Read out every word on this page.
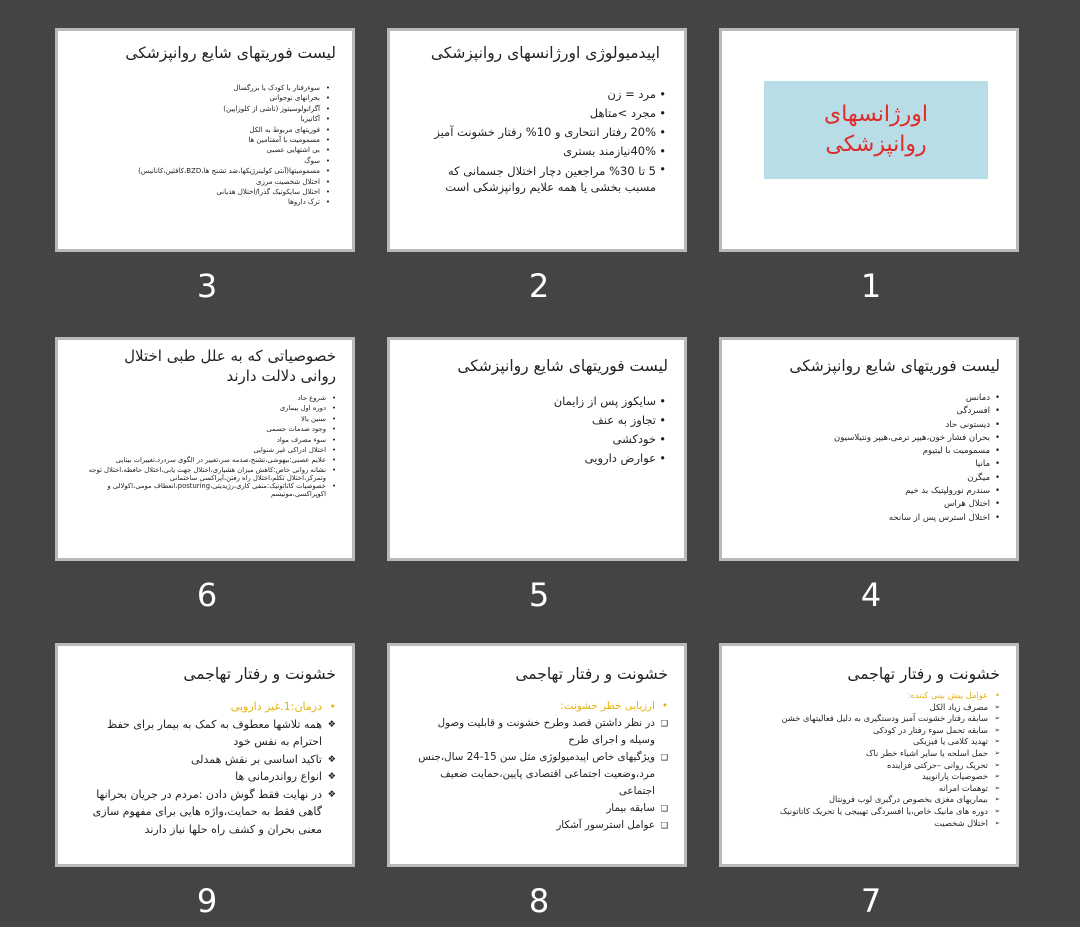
اورژانسهای روانپزشکی
1
اپیدمیولوژی اورژانسهای روانپزشکی
• مرد = زن
• مجرد >متاهل
• 20% رفتار انتحاری و 10% رفتار خشونت آمیز
• 40%نیازمند بستری
• 5 تا 30% مراجعین دچار اختلال جسمانی که مسبب بخشی یا همه علایم روانپزشکی است
2
لیست فوریتهای شایع روانپزشکی
• سوءرفتار با کودک یا بزرگسال
• بحرانهای نوجوانی
• آگرانولوسیتوز (ناشی از کلوزاپین)
• آکاتیزیا
• فوریتهای مربوط به الکل
• مسمومیت با آمفتامین ها
• بی اشتهایی عصبی
• سوگ
• مسمومیتها(آنتی کولینرژیکها،ضد تشنج ها،BZD،کافئین،کاتانیس)
• اختلال شخصیت مرزی
• اختلال سایکوتیک گذرا/اختلال هذیانی
• ترک داروها
3
لیست فوریتهای شایع روانپزشکی
• دمانس
• افسردگی
• دیستونی حاد
• بحران فشار خون،هیپر ترمی،هیپر ونتیلاسیون
• مسمومیت با لیتیوم
• مانیا
• میگرن
• سندرم نورولپتیک بد خیم
• اختلال هراس
• اختلال استرس پس از سانحه
4
لیست فوریتهای شایع روانپزشکی
• سایکوز پس از زایمان
• تجاوز به عنف
• خودکشی
• عوارض دارویی
5
خصوصیاتی که به علل طبی اختلال روانی دلالت دارند
• شروع حاد
• دوره اول بیماری
• سنین بالا
• وجود صدمات جسمی
• سوء مصرف مواد
• اختلال ادراکی غیر شنوایی
• علایم عصبی:بیهوشی،تشنج،صدمه سر،تغییر در الگوی سردرد،تغییرات بینایی
• نشانه روانی خاص:کاهش میزان هشیاری،اختلال جهت یابی،اختلال حافظه،اختلال توجه وتمرکز،اختلال تکلم،اختلال راه رفتن،آپراکسی ساختمانی
• خصوصیات کاتاتونیک:منفی کاری،رژیدیتی،posturing،انعطاف مومی،اکولالی و اکوپراکسی،موتیسم
6
خشونت و رفتار تهاجمی
• عوامل پیش بینی کننده:
➢ مصرف زیاد الکل
➢ سابقه رفتار خشونت آمیز ودستگیری به دلیل فعالیتهای خشن
➢ سابقه تحمل سوء رفتار در کودکی
➢ تهدید کلامی یا فیزیکی
➢ حمل اسلحه یا سایر اشیاء خطر ناک
➢ تحریک روانی –حرکتی فزاینده
➢ خصوصیات پارانویید
➢ توهمات امرانه
➢ بیماریهای مغزی بخصوص درگیری لوب فرونتال
➢ دوره های مانیک خاص،یا افسردگی تهییجی یا تحریک کاتاتونیک
➢ اختلال شخصیت
7
خشونت و رفتار تهاجمی
• ارزیابی خطر خشونت:
❑ در نظر داشتن قصد وطرح خشونت و قابلیت وصول وسیله و اجرای طرح
❑ ویژگیهای خاص اپیدمیولوژی مثل سن 15-24 سال،جنس مرد،وضعیت اجتماعی اقتصادی پایین،حمایت ضعیف اجتماعی
❑ سابقه بیمار
❑ عوامل استرسور آشکار
8
خشونت و رفتار تهاجمی
• درمان:1.غیر دارویی
❖ همه تلاشها معطوف به کمک به بیمار برای حفظ احترام به نفس خود
❖ تاکید اساسی بر نقش همدلی
❖ انواع رواندرمانی ها
❖ در نهایت فقط گوش دادن :مردم در جریان بحرانها گاهی فقط به حمایت،واژه هایی برای مفهوم سازی معنی بحران و کشف راه حلها نیاز دارند
9
